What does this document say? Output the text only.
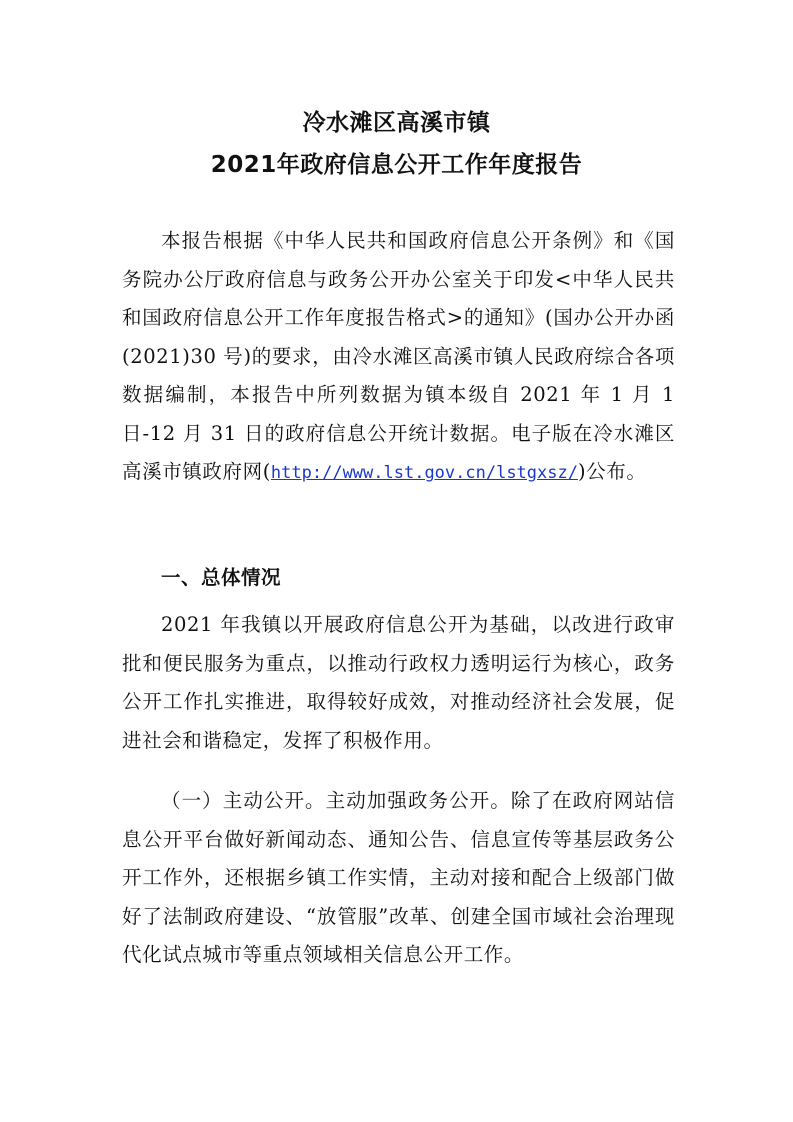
冷水滩区高溪市镇
2021年政府信息公开工作年度报告

本报告根据《中华人民共和国政府信息公开条例》和《国务院办公厅政府信息与政务公开办公室关于印发<中华人民共和国政府信息公开工作年度报告格式>的通知》(国办公开办函(2021)30 号)的要求，由冷水滩区高溪市镇人民政府综合各项数据编制，本报告中所列数据为镇本级自 2021 年 1 月 1 日-12 月 31 日的政府信息公开统计数据。电子版在冷水滩区高溪市镇政府网(http://www.lst.gov.cn/lstgxsz/)公布。

一、总体情况

2021 年我镇以开展政府信息公开为基础，以改进行政审批和便民服务为重点，以推动行政权力透明运行为核心，政务公开工作扎实推进，取得较好成效，对推动经济社会发展，促进社会和谐稳定，发挥了积极作用。

（一）主动公开。主动加强政务公开。除了在政府网站信息公开平台做好新闻动态、通知公告、信息宣传等基层政务公开工作外，还根据乡镇工作实情，主动对接和配合上级部门做好了法制政府建设、“放管服”改革、创建全国市域社会治理现代化试点城市等重点领域相关信息公开工作。
